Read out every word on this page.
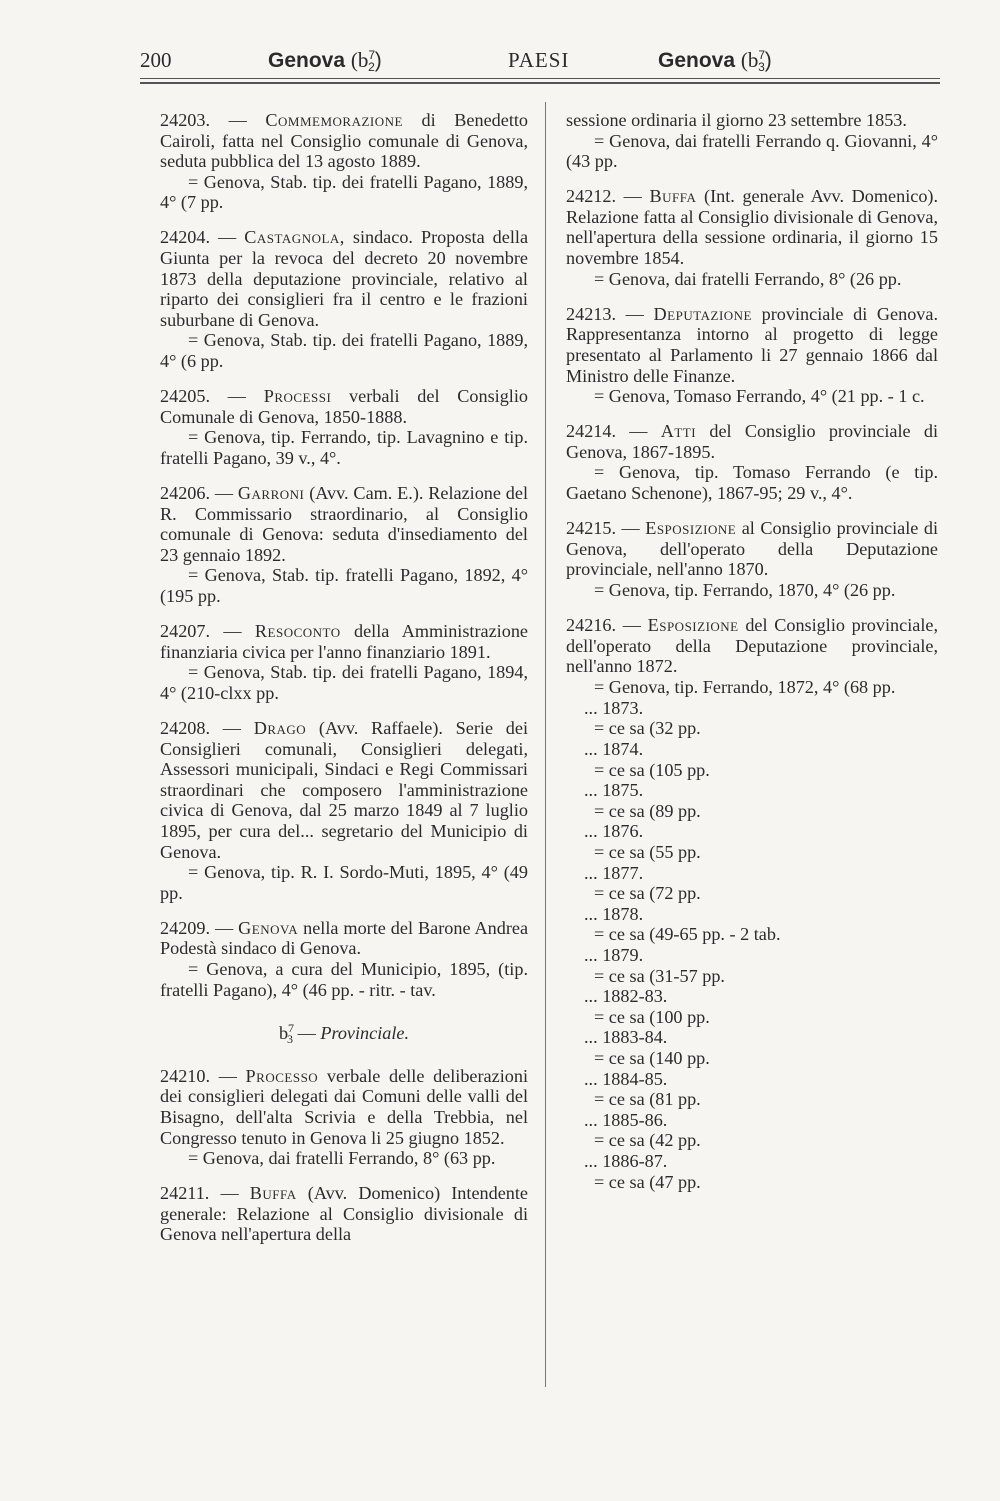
200	Genova $(b^72)$	PAESI	Genova $(b^73)$

24203. — Commemorazione di Benedetto Cairoli, fatta nel Consiglio comunale di Genova, seduta pubblica del 13 agosto 1889.

= Genova, Stab. tip. dei fratelli Pagano, 1889, 4° (7 pp.

24204. — Castagnola, sindaco. Proposta della Giunta per la revoca del decreto 20 novembre 1873 della deputazione provinciale, relativo al riparto dei consiglieri fra il centro e le frazioni suburbane di Genova.

= Genova, Stab. tip. dei fratelli Pagano, 1889, 4° (6 pp.

24205. — Processi verbali del Consiglio Comunale di Genova, 1850-1888.

= Genova, tip. Ferrando, tip. Lavagnino e tip. fratelli Pagano, 39 v., 4°.

24206. — Garroni (Avv. Cam. E.). Relazione del R. Commissario straordinario, al Consiglio comunale di Genova: seduta d'insediamento del 23 gennaio 1892.

= Genova, Stab. tip. fratelli Pagano, 1892, 4° (195 pp.

24207. — Resoconto della Amministrazione finanziaria civica per l'anno finanziario 1891.

= Genova, Stab. tip. dei fratelli Pagano, 1894, 4° (210-clxx pp.

24208. — Drago (Avv. Raffaele). Serie dei Consiglieri comunali, Consiglieri delegati, Assessori municipali, Sindaci e Regi Commissari straordinari che composero l'amministrazione civica di Genova, dal 25 marzo 1849 al 7 luglio 1895, per cura del... segretario del Municipio di Genova.

= Genova, tip. R. I. Sordo-Muti, 1895, 4° (49 pp.

24209. — Genova nella morte del Barone Andrea Podestà sindaco di Genova.

= Genova, a cura del Municipio, 1895, (tip. fratelli Pagano), 4° (46 pp. - ritr. - tav.

$b^7_3$ — Provinciale.

24210. — Processo verbale delle deliberazioni dei consiglieri delegati dai Comuni delle valli del Bisagno, dell'alta Scrivia e della Trebbia, nel Congresso tenuto in Genova li 25 giugno 1852.

= Genova, dai fratelli Ferrando, 8° (63 pp.

24211. — Buffa (Avv. Domenico) Intendente generale: Relazione al Consiglio divisionale di Genova nell'apertura della

sessione ordinaria il giorno 23 settembre 1853.

= Genova, dai fratelli Ferrando q. Giovanni, 4° (43 pp.

24212. — Buffa (Int. generale Avv. Domenico). Relazione fatta al Consiglio divisionale di Genova, nell'apertura della sessione ordinaria, il giorno 15 novembre 1854.

= Genova, dai fratelli Ferrando, 8° (26 pp.

24213. — Deputazione provinciale di Genova. Rappresentanza intorno al progetto di legge presentato al Parlamento li 27 gennaio 1866 dal Ministro delle Finanze.

= Genova, Tomaso Ferrando, 4° (21 pp. - 1 c.

24214. — Atti del Consiglio provinciale di Genova, 1867-1895.

= Genova, tip. Tomaso Ferrando (e tip. Gaetano Schenone), 1867-95; 29 v., 4°.

24215. — Esposizione al Consiglio provinciale di Genova, dell'operato della Deputazione provinciale, nell'anno 1870.

= Genova, tip. Ferrando, 1870, 4° (26 pp.

24216. — Esposizione del Consiglio provinciale, dell'operato della Deputazione provinciale, nell'anno 1872.

= Genova, tip. Ferrando, 1872, 4° (68 pp.

... 1873.

= ce sa (32 pp.

... 1874.

= ce sa (105 pp.

... 1875.

= ce sa (89 pp.

... 1876.

= ce sa (55 pp.

... 1877.

= ce sa (72 pp.

... 1878.

= ce sa (49-65 pp. - 2 tab.

... 1879.

= ce sa (31-57 pp.

... 1882-83.

= ce sa (100 pp.

... 1883-84.

= ce sa (140 pp.

... 1884-85.

= ce sa (81 pp.

... 1885-86.

= ce sa (42 pp.

... 1886-87.

= ce sa (47 pp.
